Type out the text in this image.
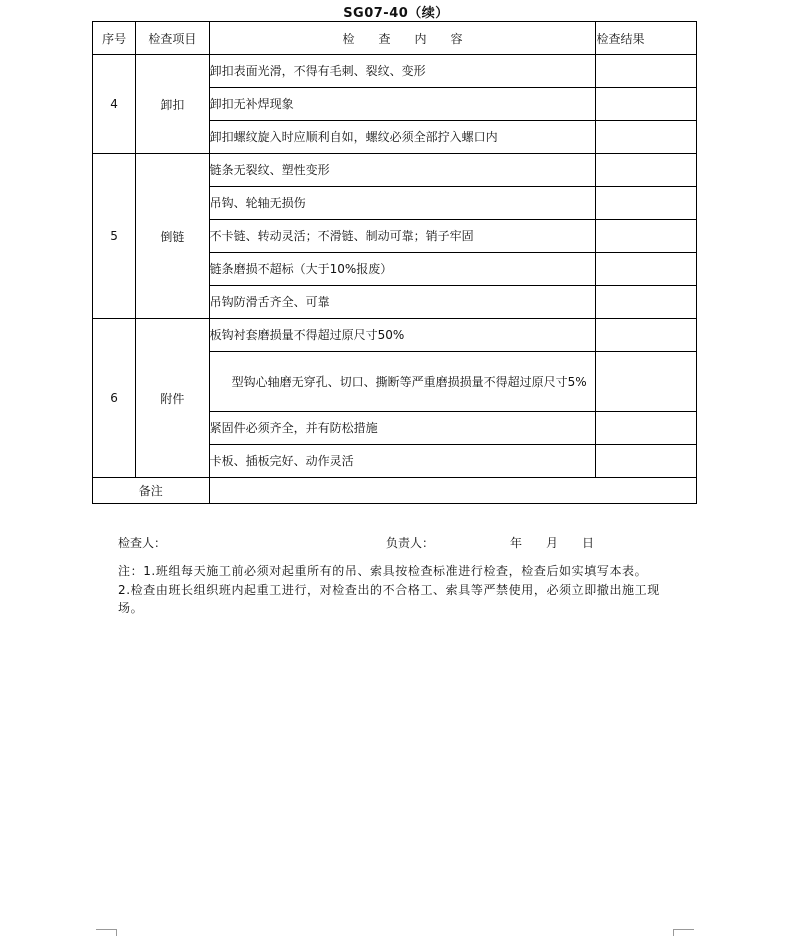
SG07-40（续）
序号	检查项目	检　　查　　内　　容	检查结果
4	卸扣	卸扣表面光滑，不得有毛刺、裂纹、变形	
		卸扣无补焊现象	
		卸扣螺纹旋入时应顺利自如，螺纹必须全部拧入螺口内	
5	倒链	链条无裂纹、塑性变形	
		吊钩、轮轴无损伤	
		不卡链、转动灵活；不滑链、制动可靠；销子牢固	
		链条磨损不超标（大于10%报废）	
		吊钩防滑舌齐全、可靠	
6	附件	板钩衬套磨损量不得超过原尺寸50%	
		型钩心轴磨无穿孔、切口、撕断等严重磨损损量不得超过原尺寸5%	
		紧固件必须齐全，并有防松措施	
		卡板、插板完好、动作灵活	
备注			
检查人：	负责人：	年 月 日

注：1.班组每天施工前必须对起重所有的吊、索具按检查标准进行检查，检查后如实填写本表。

2.检查由班长组织班内起重工进行，对检查出的不合格工、索具等严禁使用，必须立即撤出施工现场。
